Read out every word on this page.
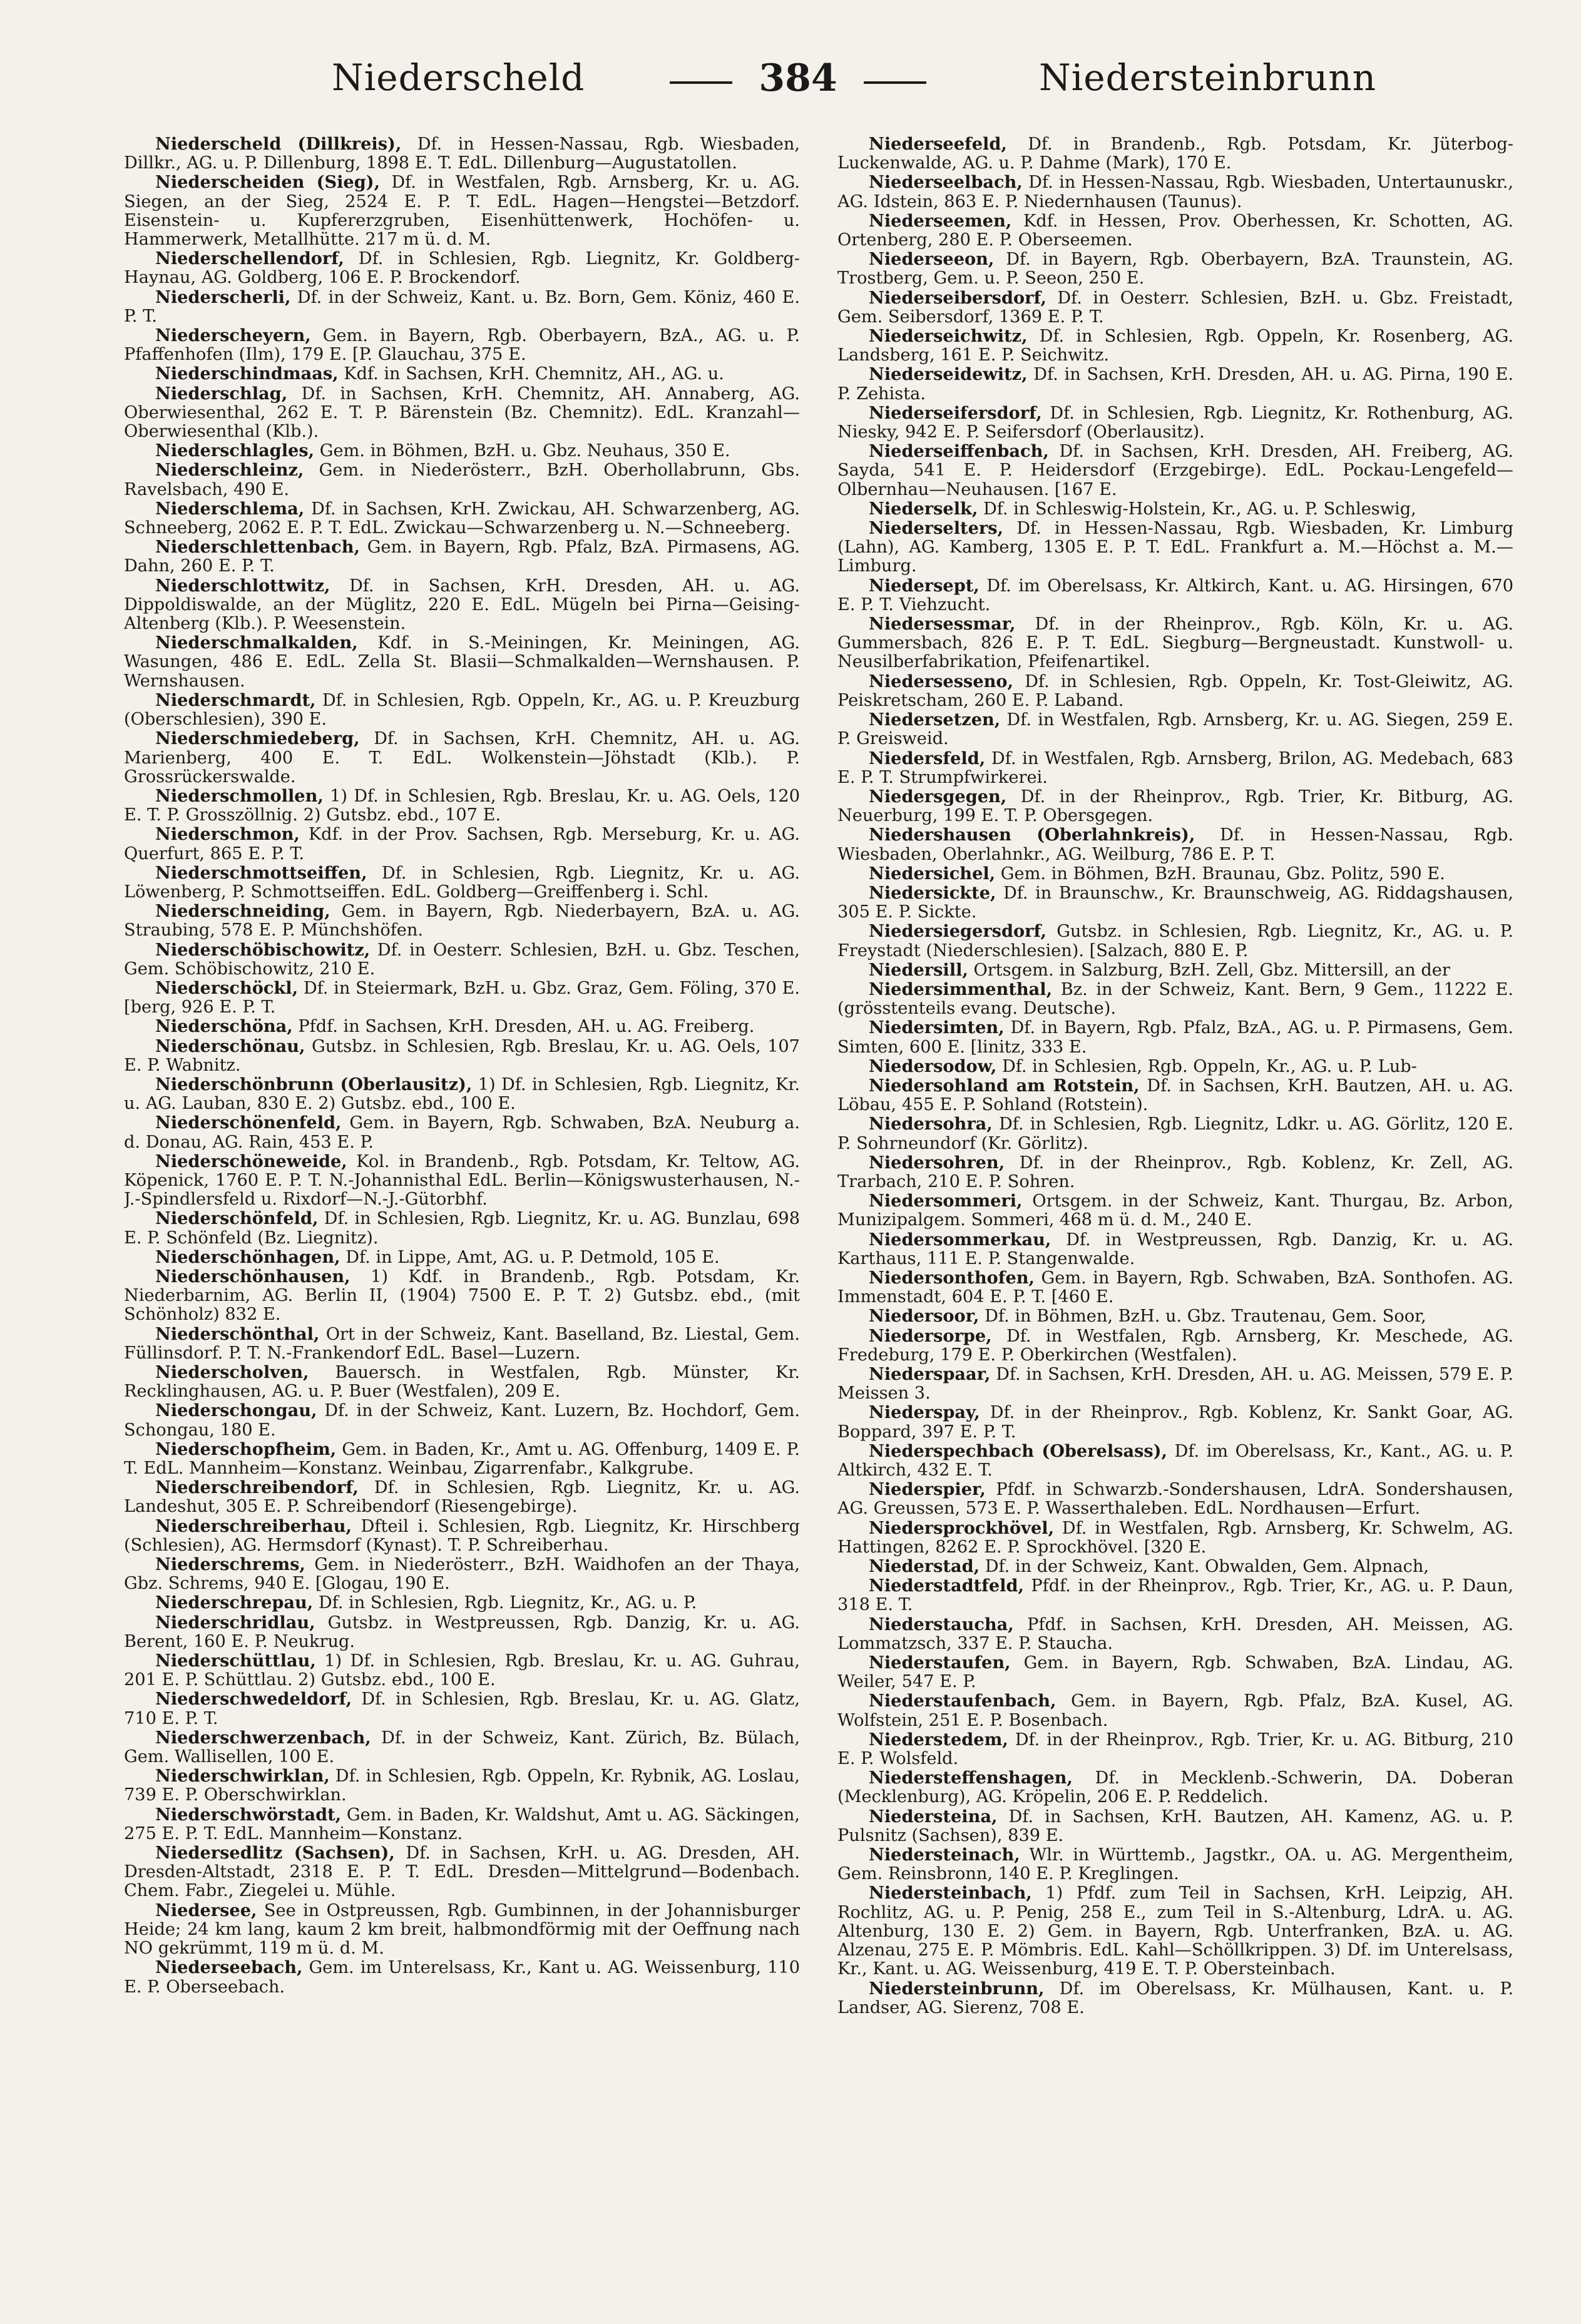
Niederscheld	384	Niedersteinbrunn

Niederscheld (Dillkreis), Df. in Hessen-Nassau, Rgb. Wiesbaden, Dillkr., AG. u. P. Dillenburg, 1898 E. T. EdL. Dillenburg—Augustatollen.

Niederscheiden (Sieg), Df. in Westfalen, Rgb. Arnsberg, Kr. u. AG. Siegen, an der Sieg, 2524 E. P. T. EdL. Hagen—Hengstei—Betzdorf. Eisenstein- u. Kupfererzgruben, Eisenhüttenwerk, Hochöfen- u. Hammerwerk, Metallhütte. 217 m ü. d. M.

Niederschellendorf, Df. in Schlesien, Rgb. Liegnitz, Kr. Goldberg-Haynau, AG. Goldberg, 106 E. P. Brockendorf.

Niederscherli, Df. in der Schweiz, Kant. u. Bz. Born, Gem. Köniz, 460 E. P. T.

Niederscheyern, Gem. in Bayern, Rgb. Oberbayern, BzA., AG. u. P. Pfaffenhofen (Ilm), 179 E. [P. Glauchau, 375 E.

Niederschindmaas, Kdf. in Sachsen, KrH. Chemnitz, AH., AG. u.

Niederschlag, Df. in Sachsen, KrH. Chemnitz, AH. Annaberg, AG. Oberwiesenthal, 262 E. T. P. Bärenstein (Bz. Chemnitz). EdL. Kranzahl—Oberwiesenthal (Klb.).

Niederschlagles, Gem. in Böhmen, BzH. u. Gbz. Neuhaus, 350 E.

Niederschleinz, Gem. in Niederösterr., BzH. Oberhollabrunn, Gbs. Ravelsbach, 490 E.

Niederschlema, Df. in Sachsen, KrH. Zwickau, AH. Schwarzenberg, AG. Schneeberg, 2062 E. P. T. EdL. Zwickau—Schwarzenberg u. N.—Schneeberg.

Niederschlettenbach, Gem. in Bayern, Rgb. Pfalz, BzA. Pirmasens, AG. Dahn, 260 E. P. T.

Niederschlottwitz, Df. in Sachsen, KrH. Dresden, AH. u. AG. Dippoldiswalde, an der Müglitz, 220 E. EdL. Mügeln bei Pirna—Geising-Altenberg (Klb.). P. Weesenstein.

Niederschmalkalden, Kdf. in S.-Meiningen, Kr. Meiningen, AG. Wasungen, 486 E. EdL. Zella St. Blasii—Schmalkalden—Wernshausen. P. Wernshausen.

Niederschmardt, Df. in Schlesien, Rgb. Oppeln, Kr., AG. u. P. Kreuzburg (Oberschlesien), 390 E.

Niederschmiedeberg, Df. in Sachsen, KrH. Chemnitz, AH. u. AG. Marienberg, 400 E. T. EdL. Wolkenstein—Jöhstadt (Klb.). P. Grossrückerswalde.

Niederschmollen, 1) Df. in Schlesien, Rgb. Breslau, Kr. u. AG. Oels, 120 E. T. P. Grosszöllnig. 2) Gutsbz. ebd., 107 E.

Niederschmon, Kdf. in der Prov. Sachsen, Rgb. Merseburg, Kr. u. AG. Querfurt, 865 E. P. T.

Niederschmottseiffen, Df. in Schlesien, Rgb. Liegnitz, Kr. u. AG. Löwenberg, P. Schmottseiffen. EdL. Goldberg—Greiffenberg i. Schl.

Niederschneiding, Gem. in Bayern, Rgb. Niederbayern, BzA. u. AG. Straubing, 578 E. P. Münchshöfen.

Niederschöbischowitz, Df. in Oesterr. Schlesien, BzH. u. Gbz. Teschen, Gem. Schöbischowitz, 210 E.

Niederschöckl, Df. in Steiermark, BzH. u. Gbz. Graz, Gem. Föling, 370 E. [berg, 926 E. P. T.

Niederschöna, Pfdf. in Sachsen, KrH. Dresden, AH. u. AG. Freiberg.

Niederschönau, Gutsbz. in Schlesien, Rgb. Breslau, Kr. u. AG. Oels, 107 E. P. Wabnitz.

Niederschönbrunn (Oberlausitz), 1) Df. in Schlesien, Rgb. Liegnitz, Kr. u. AG. Lauban, 830 E. 2) Gutsbz. ebd., 100 E.

Niederschönenfeld, Gem. in Bayern, Rgb. Schwaben, BzA. Neuburg a. d. Donau, AG. Rain, 453 E. P.

Niederschöneweide, Kol. in Brandenb., Rgb. Potsdam, Kr. Teltow, AG. Köpenick, 1760 E. P. T. N.-Johannisthal EdL. Berlin—Königswusterhausen, N.-J.-Spindlersfeld u. Rixdorf—N.-J.-Gütorbhf.

Niederschönfeld, Df. in Schlesien, Rgb. Liegnitz, Kr. u. AG. Bunzlau, 698 E. P. Schönfeld (Bz. Liegnitz).

Niederschönhagen, Df. in Lippe, Amt, AG. u. P. Detmold, 105 E.

Niederschönhausen, 1) Kdf. in Brandenb., Rgb. Potsdam, Kr. Niederbarnim, AG. Berlin II, (1904) 7500 E. P. T. 2) Gutsbz. ebd., (mit Schönholz) 832 E.

Niederschönthal, Ort in der Schweiz, Kant. Baselland, Bz. Liestal, Gem. Füllinsdorf. P. T. N.-Frankendorf EdL. Basel—Luzern.

Niederscholven, Bauersch. in Westfalen, Rgb. Münster, Kr. Recklinghausen, AG. u. P. Buer (Westfalen), 209 E.

Niederschongau, Df. in der Schweiz, Kant. Luzern, Bz. Hochdorf, Gem. Schongau, 180 E.

Niederschopfheim, Gem. in Baden, Kr., Amt u. AG. Offenburg, 1409 E. P. T. EdL. Mannheim—Konstanz. Weinbau, Zigarrenfabr., Kalkgrube.

Niederschreibendorf, Df. in Schlesien, Rgb. Liegnitz, Kr. u. AG. Landeshut, 305 E. P. Schreibendorf (Riesengebirge).

Niederschreiberhau, Dfteil i. Schlesien, Rgb. Liegnitz, Kr. Hirschberg (Schlesien), AG. Hermsdorf (Kynast). T. P. Schreiberhau.

Niederschrems, Gem. in Niederösterr., BzH. Waidhofen an der Thaya, Gbz. Schrems, 940 E. [Glogau, 190 E.

Niederschrepau, Df. in Schlesien, Rgb. Liegnitz, Kr., AG. u. P.

Niederschridlau, Gutsbz. in Westpreussen, Rgb. Danzig, Kr. u. AG. Berent, 160 E. P. Neukrug.

Niederschüttlau, 1) Df. in Schlesien, Rgb. Breslau, Kr. u. AG. Guhrau, 201 E. P. Schüttlau. 2) Gutsbz. ebd., 100 E.

Niederschwedeldorf, Df. in Schlesien, Rgb. Breslau, Kr. u. AG. Glatz, 710 E. P. T.

Niederschwerzenbach, Df. in der Schweiz, Kant. Zürich, Bz. Bülach, Gem. Wallisellen, 100 E.

Niederschwirklan, Df. in Schlesien, Rgb. Oppeln, Kr. Rybnik, AG. Loslau, 739 E. P. Oberschwirklan.

Niederschwörstadt, Gem. in Baden, Kr. Waldshut, Amt u. AG. Säckingen, 275 E. P. T. EdL. Mannheim—Konstanz.

Niedersedlitz (Sachsen), Df. in Sachsen, KrH. u. AG. Dresden, AH. Dresden-Altstadt, 2318 E. P. T. EdL. Dresden—Mittelgrund—Bodenbach. Chem. Fabr., Ziegelei u. Mühle.

Niedersee, See in Ostpreussen, Rgb. Gumbinnen, in der Johannisburger Heide; 24 km lang, kaum 2 km breit, halbmondförmig mit der Oeffnung nach NO gekrümmt, 119 m ü. d. M.

Niederseebach, Gem. im Unterelsass, Kr., Kant u. AG. Weissenburg, 110 E. P. Oberseebach.

Niederseefeld, Df. in Brandenb., Rgb. Potsdam, Kr. Jüterbog-Luckenwalde, AG. u. P. Dahme (Mark), 170 E.

Niederseelbach, Df. in Hessen-Nassau, Rgb. Wiesbaden, Untertaunuskr., AG. Idstein, 863 E. P. Niedernhausen (Taunus).

Niederseemen, Kdf. in Hessen, Prov. Oberhessen, Kr. Schotten, AG. Ortenberg, 280 E. P. Oberseemen.

Niederseeon, Df. in Bayern, Rgb. Oberbayern, BzA. Traunstein, AG. Trostberg, Gem. u. P. Seeon, 250 E.

Niederseibersdorf, Df. in Oesterr. Schlesien, BzH. u. Gbz. Freistadt, Gem. Seibersdorf, 1369 E. P. T.

Niederseichwitz, Df. in Schlesien, Rgb. Oppeln, Kr. Rosenberg, AG. Landsberg, 161 E. P. Seichwitz.

Niederseidewitz, Df. in Sachsen, KrH. Dresden, AH. u. AG. Pirna, 190 E. P. Zehista.

Niederseifersdorf, Df. in Schlesien, Rgb. Liegnitz, Kr. Rothenburg, AG. Niesky, 942 E. P. Seifersdorf (Oberlausitz).

Niederseiffenbach, Df. in Sachsen, KrH. Dresden, AH. Freiberg, AG. Sayda, 541 E. P. Heidersdorf (Erzgebirge). EdL. Pockau-Lengefeld—Olbernhau—Neuhausen. [167 E.

Niederselk, Df. in Schleswig-Holstein, Kr., AG. u. P. Schleswig,

Niederselters, Df. in Hessen-Nassau, Rgb. Wiesbaden, Kr. Limburg (Lahn), AG. Kamberg, 1305 E. P. T. EdL. Frankfurt a. M.—Höchst a. M.—Limburg.

Niedersept, Df. im Oberelsass, Kr. Altkirch, Kant. u. AG. Hirsingen, 670 E. P. T. Viehzucht.

Niedersessmar, Df. in der Rheinprov., Rgb. Köln, Kr. u. AG. Gummersbach, 826 E. P. T. EdL. Siegburg—Bergneustadt. Kunstwoll- u. Neusilberfabrikation, Pfeifenartikel.

Niedersesseno, Df. in Schlesien, Rgb. Oppeln, Kr. Tost-Gleiwitz, AG. Peiskretscham, 260 E. P. Laband.

Niedersetzen, Df. in Westfalen, Rgb. Arnsberg, Kr. u. AG. Siegen, 259 E. P. Greisweid.

Niedersfeld, Df. in Westfalen, Rgb. Arnsberg, Brilon, AG. Medebach, 683 E. P. T. Strumpfwirkerei.

Niedersgegen, Df. in der Rheinprov., Rgb. Trier, Kr. Bitburg, AG. Neuerburg, 199 E. T. P. Obersgegen.

Niedershausen (Oberlahnkreis), Df. in Hessen-Nassau, Rgb. Wiesbaden, Oberlahnkr., AG. Weilburg, 786 E. P. T.

Niedersichel, Gem. in Böhmen, BzH. Braunau, Gbz. Politz, 590 E.

Niedersickte, Df. in Braunschw., Kr. Braunschweig, AG. Riddagshausen, 305 E. P. Sickte.

Niedersiegersdorf, Gutsbz. in Schlesien, Rgb. Liegnitz, Kr., AG. u. P. Freystadt (Niederschlesien). [Salzach, 880 E. P.

Niedersill, Ortsgem. in Salzburg, BzH. Zell, Gbz. Mittersill, an der

Niedersimmenthal, Bz. in der Schweiz, Kant. Bern, 9 Gem., 11222 E. (grösstenteils evang. Deutsche).

Niedersimten, Df. in Bayern, Rgb. Pfalz, BzA., AG. u. P. Pirmasens, Gem. Simten, 600 E. [linitz, 333 E.

Niedersodow, Df. in Schlesien, Rgb. Oppeln, Kr., AG. u. P. Lub-

Niedersohland am Rotstein, Df. in Sachsen, KrH. Bautzen, AH. u. AG. Löbau, 455 E. P. Sohland (Rotstein).

Niedersohra, Df. in Schlesien, Rgb. Liegnitz, Ldkr. u. AG. Görlitz, 120 E. P. Sohrneundorf (Kr. Görlitz).

Niedersohren, Df. in der Rheinprov., Rgb. Koblenz, Kr. Zell, AG. Trarbach, 210 E. P. Sohren.

Niedersommeri, Ortsgem. in der Schweiz, Kant. Thurgau, Bz. Arbon, Munizipalgem. Sommeri, 468 m ü. d. M., 240 E.

Niedersommerkau, Df. in Westpreussen, Rgb. Danzig, Kr. u. AG. Karthaus, 111 E. P. Stangenwalde.

Niedersonthofen, Gem. in Bayern, Rgb. Schwaben, BzA. Sonthofen. AG. Immenstadt, 604 E. P. T. [460 E.

Niedersoor, Df. in Böhmen, BzH. u. Gbz. Trautenau, Gem. Soor,

Niedersorpe, Df. in Westfalen, Rgb. Arnsberg, Kr. Meschede, AG. Fredeburg, 179 E. P. Oberkirchen (Westfalen).

Niederspaar, Df. in Sachsen, KrH. Dresden, AH. u. AG. Meissen, 579 E. P. Meissen 3.

Niederspay, Df. in der Rheinprov., Rgb. Koblenz, Kr. Sankt Goar, AG. Boppard, 397 E. P. T.

Niederspechbach (Oberelsass), Df. im Oberelsass, Kr., Kant., AG. u. P. Altkirch, 432 E. T.

Niederspier, Pfdf. in Schwarzb.-Sondershausen, LdrA. Sondershausen, AG. Greussen, 573 E. P. Wasserthaleben. EdL. Nordhausen—Erfurt.

Niedersprockhövel, Df. in Westfalen, Rgb. Arnsberg, Kr. Schwelm, AG. Hattingen, 8262 E. P. Sprockhövel. [320 E.

Niederstad, Df. in der Schweiz, Kant. Obwalden, Gem. Alpnach,

Niederstadtfeld, Pfdf. in der Rheinprov., Rgb. Trier, Kr., AG. u. P. Daun, 318 E. T.

Niederstaucha, Pfdf. in Sachsen, KrH. Dresden, AH. Meissen, AG. Lommatzsch, 337 E. P. Staucha.

Niederstaufen, Gem. in Bayern, Rgb. Schwaben, BzA. Lindau, AG. Weiler, 547 E. P.

Niederstaufenbach, Gem. in Bayern, Rgb. Pfalz, BzA. Kusel, AG. Wolfstein, 251 E. P. Bosenbach.

Niederstedem, Df. in der Rheinprov., Rgb. Trier, Kr. u. AG. Bitburg, 210 E. P. Wolsfeld.

Niedersteffenshagen, Df. in Mecklenb.-Schwerin, DA. Doberan (Mecklenburg), AG. Kröpelin, 206 E. P. Reddelich.

Niedersteina, Df. in Sachsen, KrH. Bautzen, AH. Kamenz, AG. u. P. Pulsnitz (Sachsen), 839 E.

Niedersteinach, Wlr. in Württemb., Jagstkr., OA. u. AG. Mergentheim, Gem. Reinsbronn, 140 E. P. Kreglingen.

Niedersteinbach, 1) Pfdf. zum Teil in Sachsen, KrH. Leipzig, AH. Rochlitz, AG. u. P. Penig, 258 E., zum Teil in S.-Altenburg, LdrA. u. AG. Altenburg, 130 E. 2) Gem. in Bayern, Rgb. Unterfranken, BzA. u. AG. Alzenau, 275 E. P. Mömbris. EdL. Kahl—Schöllkrippen. 3) Df. im Unterelsass, Kr., Kant. u. AG. Weissenburg, 419 E. T. P. Obersteinbach.

Niedersteinbrunn, Df. im Oberelsass, Kr. Mülhausen, Kant. u. P. Landser, AG. Sierenz, 708 E.
